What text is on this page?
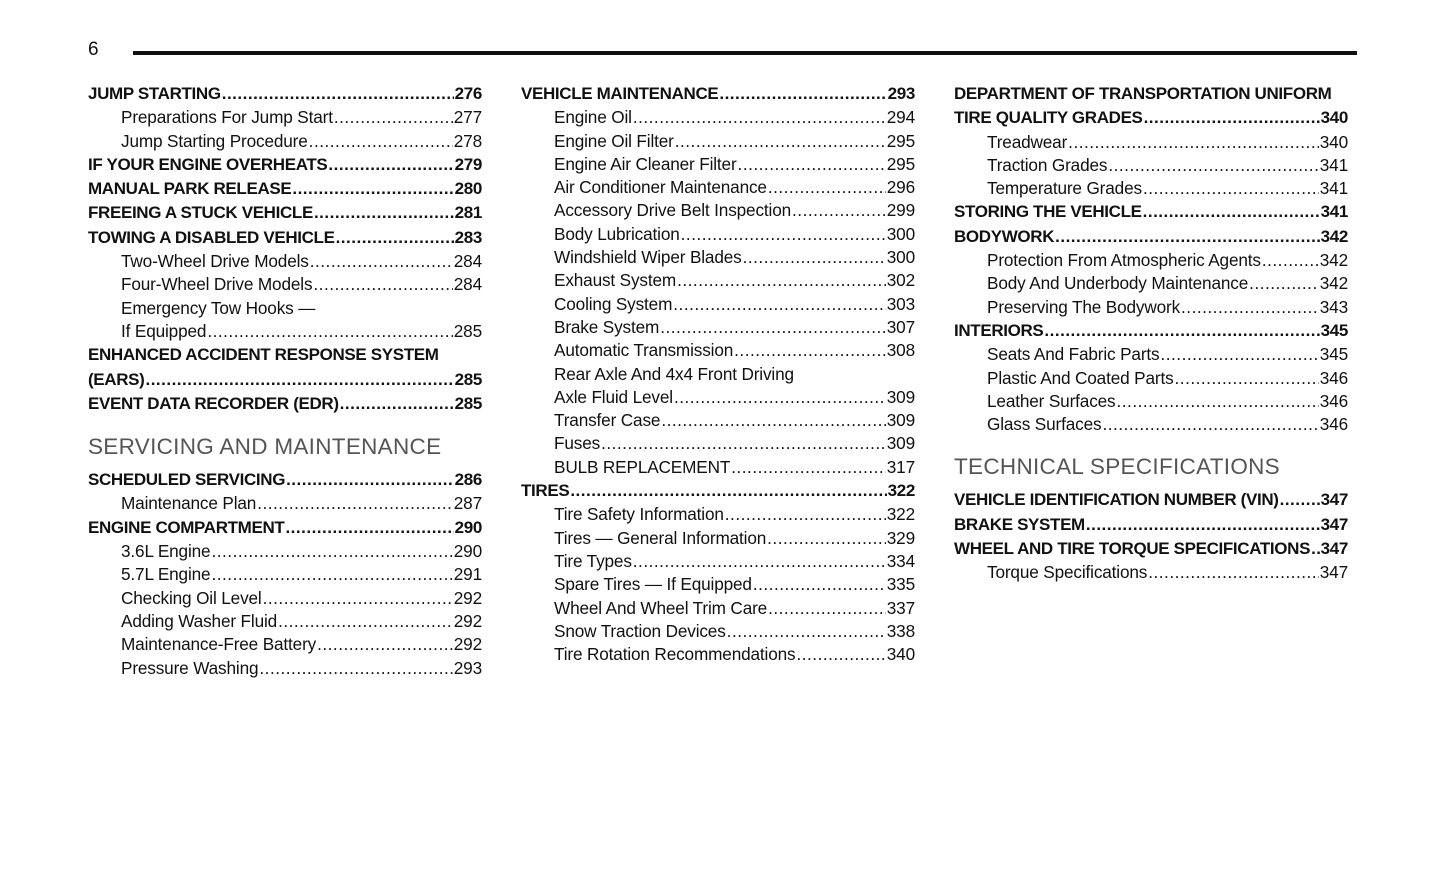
6
JUMP STARTING .....	276
Preparations For Jump Start .....	277
Jump Starting Procedure .....	278
IF YOUR ENGINE OVERHEATS .....	279
MANUAL PARK RELEASE .....	280
FREEING A STUCK VEHICLE .....	281
TOWING A DISABLED VEHICLE .....	283
Two-Wheel Drive Models .....	284
Four-Wheel Drive Models .....	284
Emergency Tow Hooks —
If Equipped .....	285
ENHANCED ACCIDENT RESPONSE SYSTEM
(EARS) .....	285
EVENT DATA RECORDER (EDR) .....	285
SERVICING AND MAINTENANCE
SCHEDULED SERVICING .....	286
Maintenance Plan .....	287
ENGINE COMPARTMENT .....	290
3.6L Engine .....	290
5.7L Engine .....	291
Checking Oil Level .....	292
Adding Washer Fluid .....	292
Maintenance-Free Battery .....	292
Pressure Washing .....	293
VEHICLE MAINTENANCE .....	293
Engine Oil .....	294
Engine Oil Filter .....	295
Engine Air Cleaner Filter .....	295
Air Conditioner Maintenance .....	296
Accessory Drive Belt Inspection .....	299
Body Lubrication .....	300
Windshield Wiper Blades .....	300
Exhaust System .....	302
Cooling System .....	303
Brake System .....	307
Automatic Transmission .....	308
Rear Axle And 4x4 Front Driving
Axle Fluid Level .....	309
Transfer Case .....	309
Fuses .....	309
BULB REPLACEMENT .....	317
TIRES .....	322
Tire Safety Information .....	322
Tires — General Information .....	329
Tire Types .....	334
Spare Tires — If Equipped .....	335
Wheel And Wheel Trim Care .....	337
Snow Traction Devices .....	338
Tire Rotation Recommendations .....	340
DEPARTMENT OF TRANSPORTATION UNIFORM
TIRE QUALITY GRADES .....	340
Treadwear .....	340
Traction Grades .....	341
Temperature Grades .....	341
STORING THE VEHICLE .....	341
BODYWORK .....	342
Protection From Atmospheric Agents .....	342
Body And Underbody Maintenance .....	342
Preserving The Bodywork .....	343
INTERIORS .....	345
Seats And Fabric Parts .....	345
Plastic And Coated Parts .....	346
Leather Surfaces .....	346
Glass Surfaces .....	346
TECHNICAL SPECIFICATIONS
VEHICLE IDENTIFICATION NUMBER (VIN) ..... 347
BRAKE SYSTEM .....	347
WHEEL AND TIRE TORQUE SPECIFICATIONS ..... 347
Torque Specifications .....	347
